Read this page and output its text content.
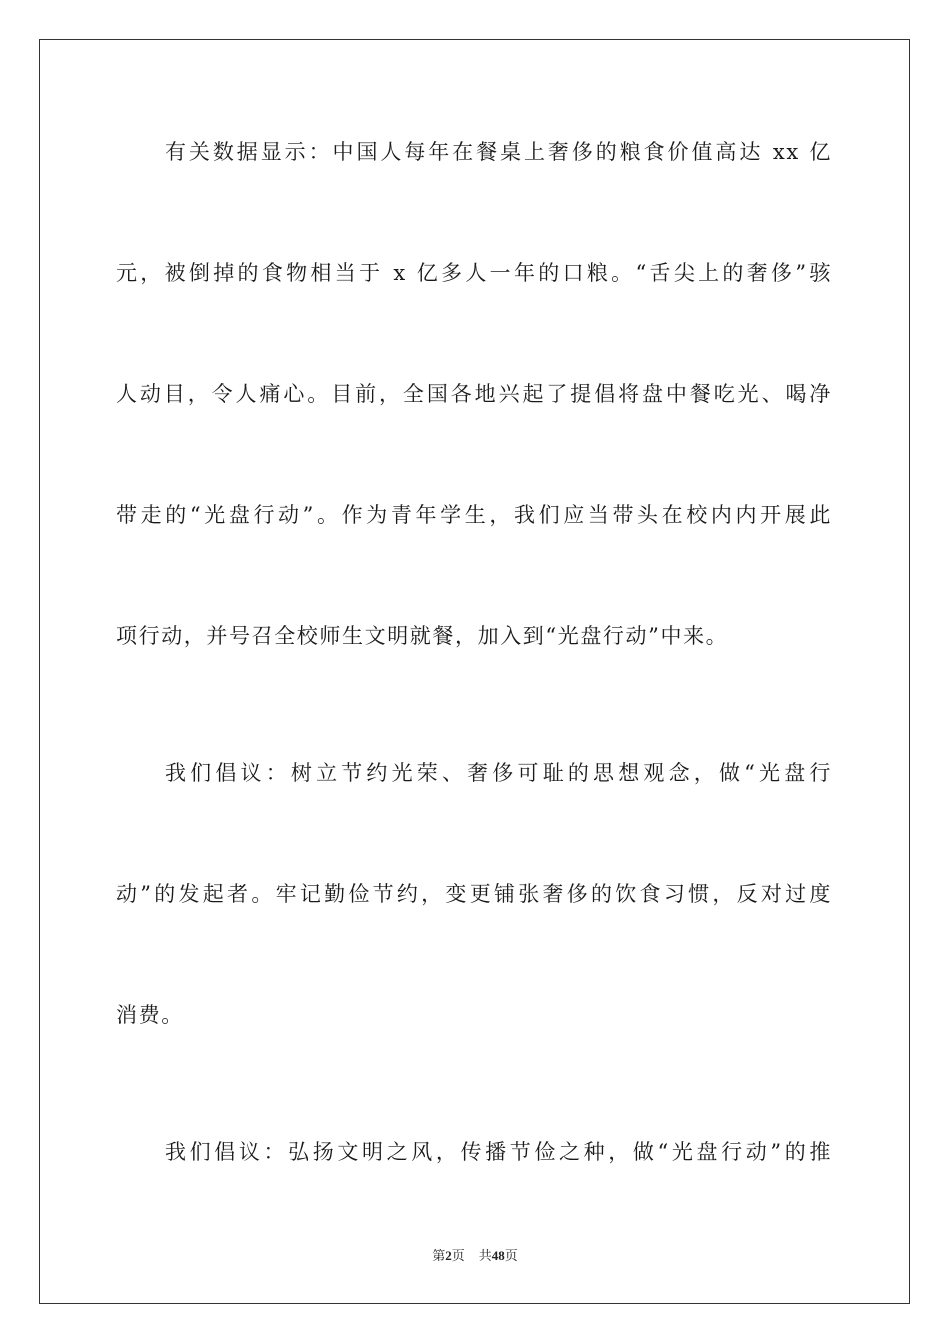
有关数据显示：中国人每年在餐桌上奢侈的粮食价值高达 xx 亿
元，被倒掉的食物相当于 x 亿多人一年的口粮。“舌尖上的奢侈”骇
人动目，令人痛心。目前，全国各地兴起了提倡将盘中餐吃光、喝净
带走的“光盘行动”。作为青年学生，我们应当带头在校内内开展此
项行动，并号召全校师生文明就餐，加入到“光盘行动”中来。
我们倡议：树立节约光荣、奢侈可耻的思想观念，做“光盘行
动”的发起者。牢记勤俭节约，变更铺张奢侈的饮食习惯，反对过度
消费。
我们倡议：弘扬文明之风，传播节俭之种，做“光盘行动”的推
第2页 共48页
